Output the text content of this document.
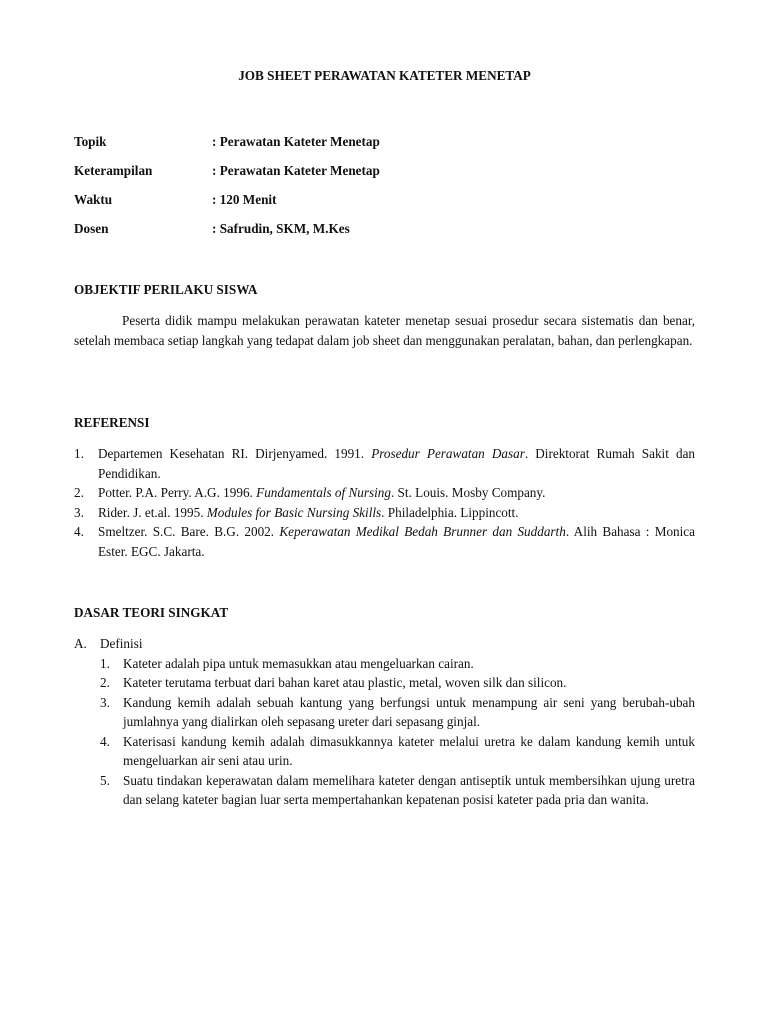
JOB SHEET PERAWATAN KATETER MENETAP
Topik	: Perawatan Kateter Menetap
Keterampilan	: Perawatan Kateter Menetap
Waktu	: 120 Menit
Dosen	: Safrudin, SKM, M.Kes
OBJEKTIF PERILAKU SISWA
Peserta didik mampu melakukan perawatan kateter menetap sesuai prosedur secara sistematis dan benar, setelah membaca setiap langkah yang tedapat dalam job sheet dan menggunakan peralatan, bahan, dan perlengkapan.
REFERENSI
1. Departemen Kesehatan RI. Dirjenyamed. 1991. Prosedur Perawatan Dasar. Direktorat Rumah Sakit dan Pendidikan.
2. Potter. P.A. Perry. A.G. 1996. Fundamentals of Nursing. St. Louis. Mosby Company.
3. Rider. J. et.al. 1995. Modules for Basic Nursing Skills. Philadelphia. Lippincott.
4. Smeltzer. S.C. Bare. B.G. 2002. Keperawatan Medikal Bedah Brunner dan Suddarth. Alih Bahasa : Monica Ester. EGC. Jakarta.
DASAR TEORI SINGKAT
A. Definisi
1. Kateter adalah pipa untuk memasukkan atau mengeluarkan cairan.
2. Kateter terutama terbuat dari bahan karet atau plastic, metal, woven silk dan silicon.
3. Kandung kemih adalah sebuah kantung yang berfungsi untuk menampung air seni yang berubah-ubah jumlahnya yang dialirkan oleh sepasang ureter dari sepasang ginjal.
4. Katerisasi kandung kemih adalah dimasukkannya kateter melalui uretra ke dalam kandung kemih untuk mengeluarkan air seni atau urin.
5. Suatu tindakan keperawatan dalam memelihara kateter dengan antiseptik untuk membersihkan ujung uretra dan selang kateter bagian luar serta mempertahankan kepatenan posisi kateter pada pria dan wanita.
